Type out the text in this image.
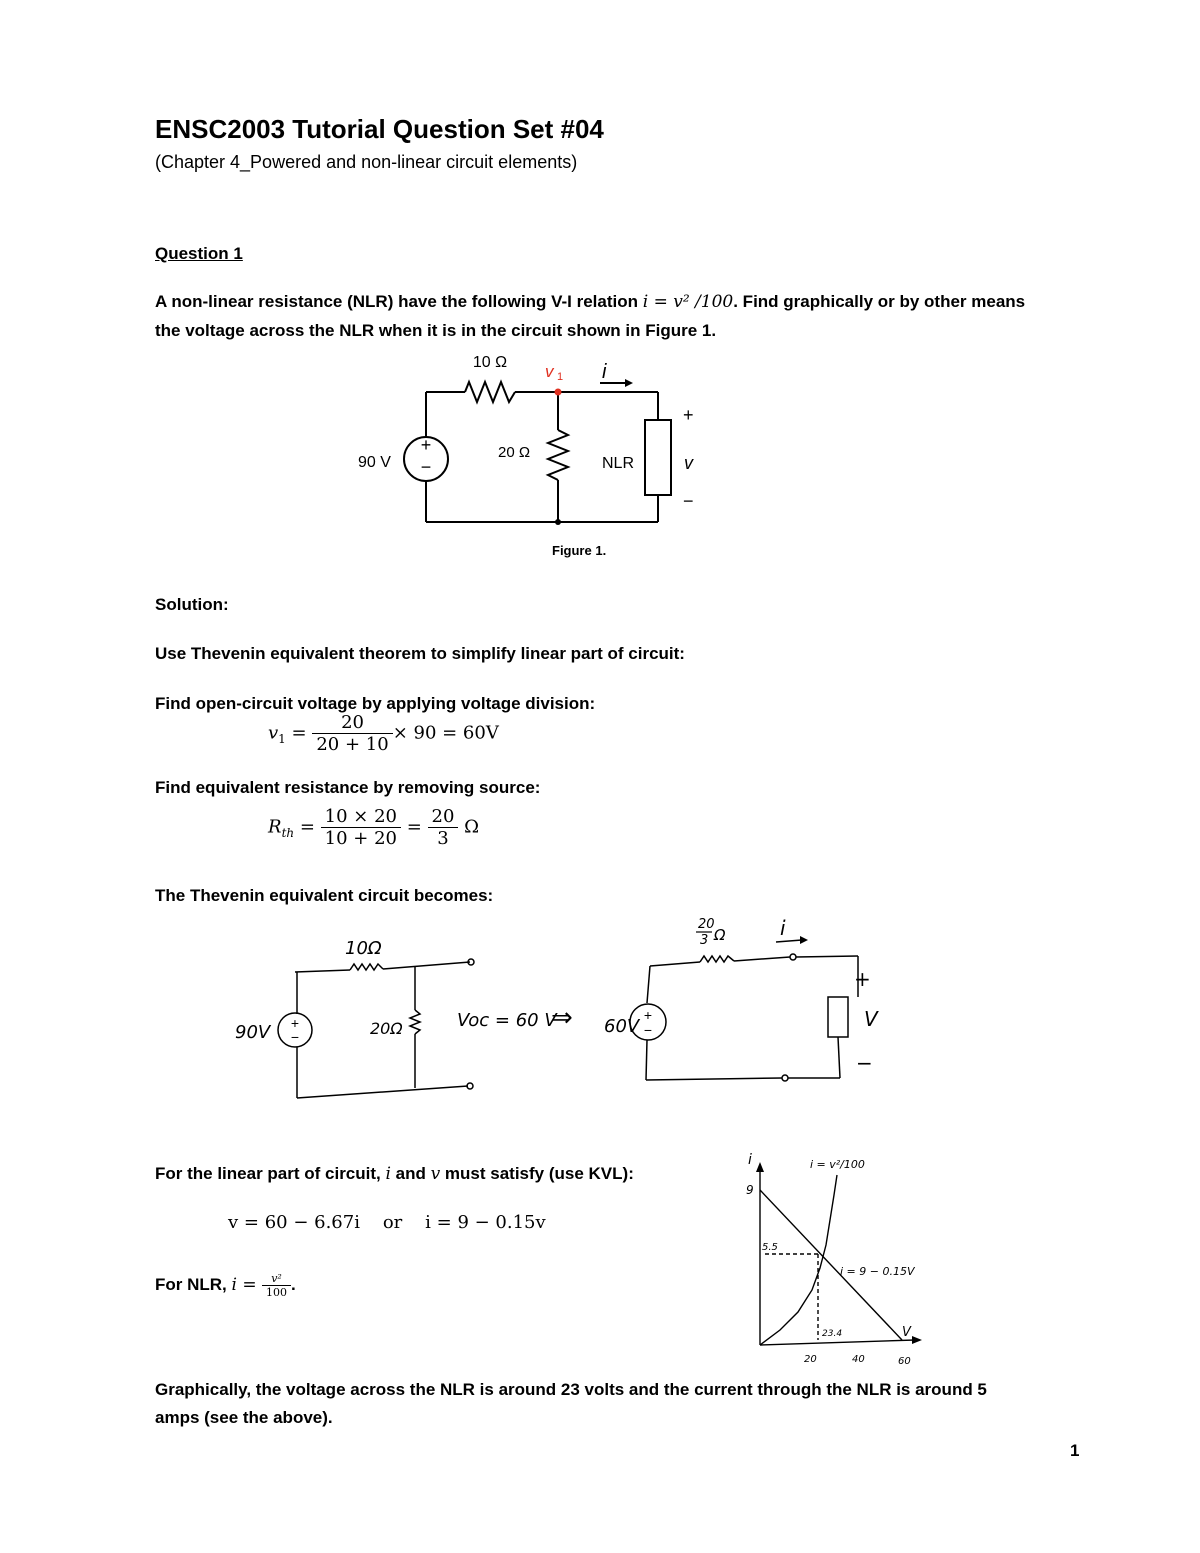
ENSC2003 Tutorial Question Set #04
(Chapter 4_Powered and non-linear circuit elements)
Question 1
A non-linear resistance (NLR) have the following V-I relation i = v² /100. Find graphically or by other means
the voltage across the NLR when it is in the circuit shown in Figure 1.
+
−
10 Ω
20 Ω
90 V
v 1 i
NLR
+
v
−
Figure 1.
Solution:
Use Thevenin equivalent theorem to simplify linear part of circuit:
Find open-circuit voltage by applying voltage division:
$v_1 = \frac{20}{20 + 10} \times 90 = 60V$
Find equivalent resistance by removing source:
$R_{th} = \frac{10 \times 20}{10 + 20} = \frac{20}{3}$ Ω
The Thevenin equivalent circuit becomes:
+
−
10Ω
20Ω
90V
Voc = 60 V
⇒	+
−
20
3 Ω	i
60V
+
V
−
For the linear part of circuit, i and v must satisfy (use KVL):
v = 60 − 6.67i    or    i = 9 − 0.15v
For NLR, $i = \frac{\text{v²}}{100}$ .
i
V
9
i = v²/100
i = 9 − 0.15V
5.5
23.4
20	40	60
Graphically, the voltage across the NLR is around 23 volts and the current through the NLR is around 5
amps (see the above).
1
